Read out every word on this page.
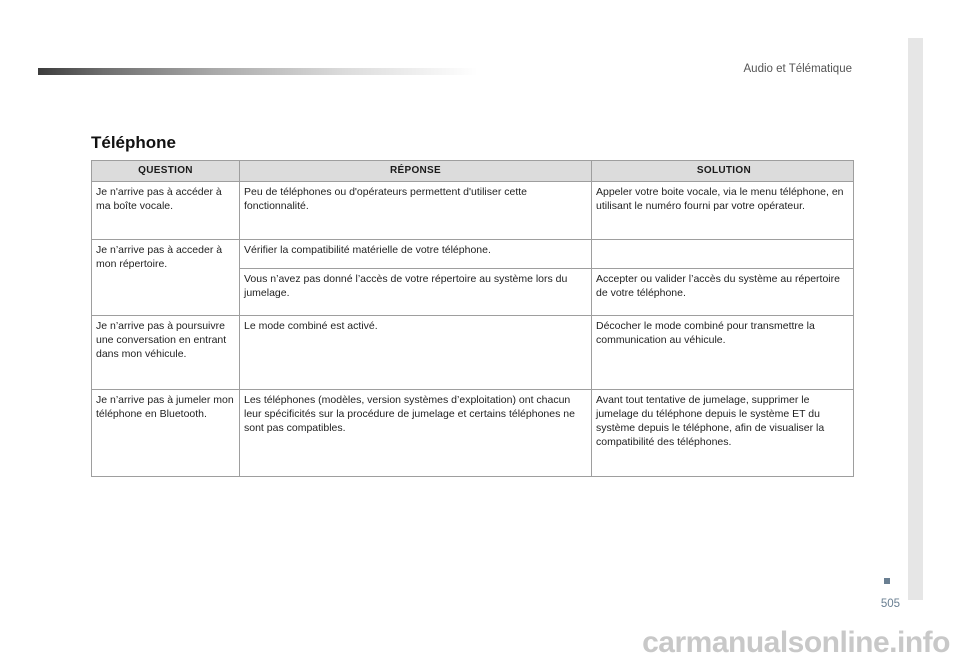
Audio et Télématique
505
Téléphone
QUESTION	RÉPONSE	SOLUTION
Je n'arrive pas à accéder à ma boîte vocale.	Peu de téléphones ou d'opérateurs permettent d'utiliser cette fonctionnalité.	Appeler votre boite vocale, via le menu téléphone, en utilisant le numéro fourni par votre opérateur.
Je n’arrive pas à acceder à mon répertoire.	Vérifier la compatibilité matérielle de votre téléphone.	
	Vous n’avez pas donné l’accès de votre répertoire au système lors du jumelage.	Accepter ou valider l’accès du système au répertoire de votre téléphone.
Je n’arrive pas à poursuivre une conversation en entrant dans mon véhicule.	Le mode combiné est activé.	Décocher le mode combiné pour transmettre la communication au véhicule.
Je n’arrive pas à jumeler mon téléphone en Bluetooth.	Les téléphones (modèles, version systèmes d’exploitation) ont chacun leur spécificités sur la procédure de jumelage et certains téléphones ne sont pas compatibles.	Avant tout tentative de jumelage, supprimer le jumelage du téléphone depuis le système ET du système depuis le téléphone, afin de visualiser la compatibilité des téléphones.
carmanualsonline.info
